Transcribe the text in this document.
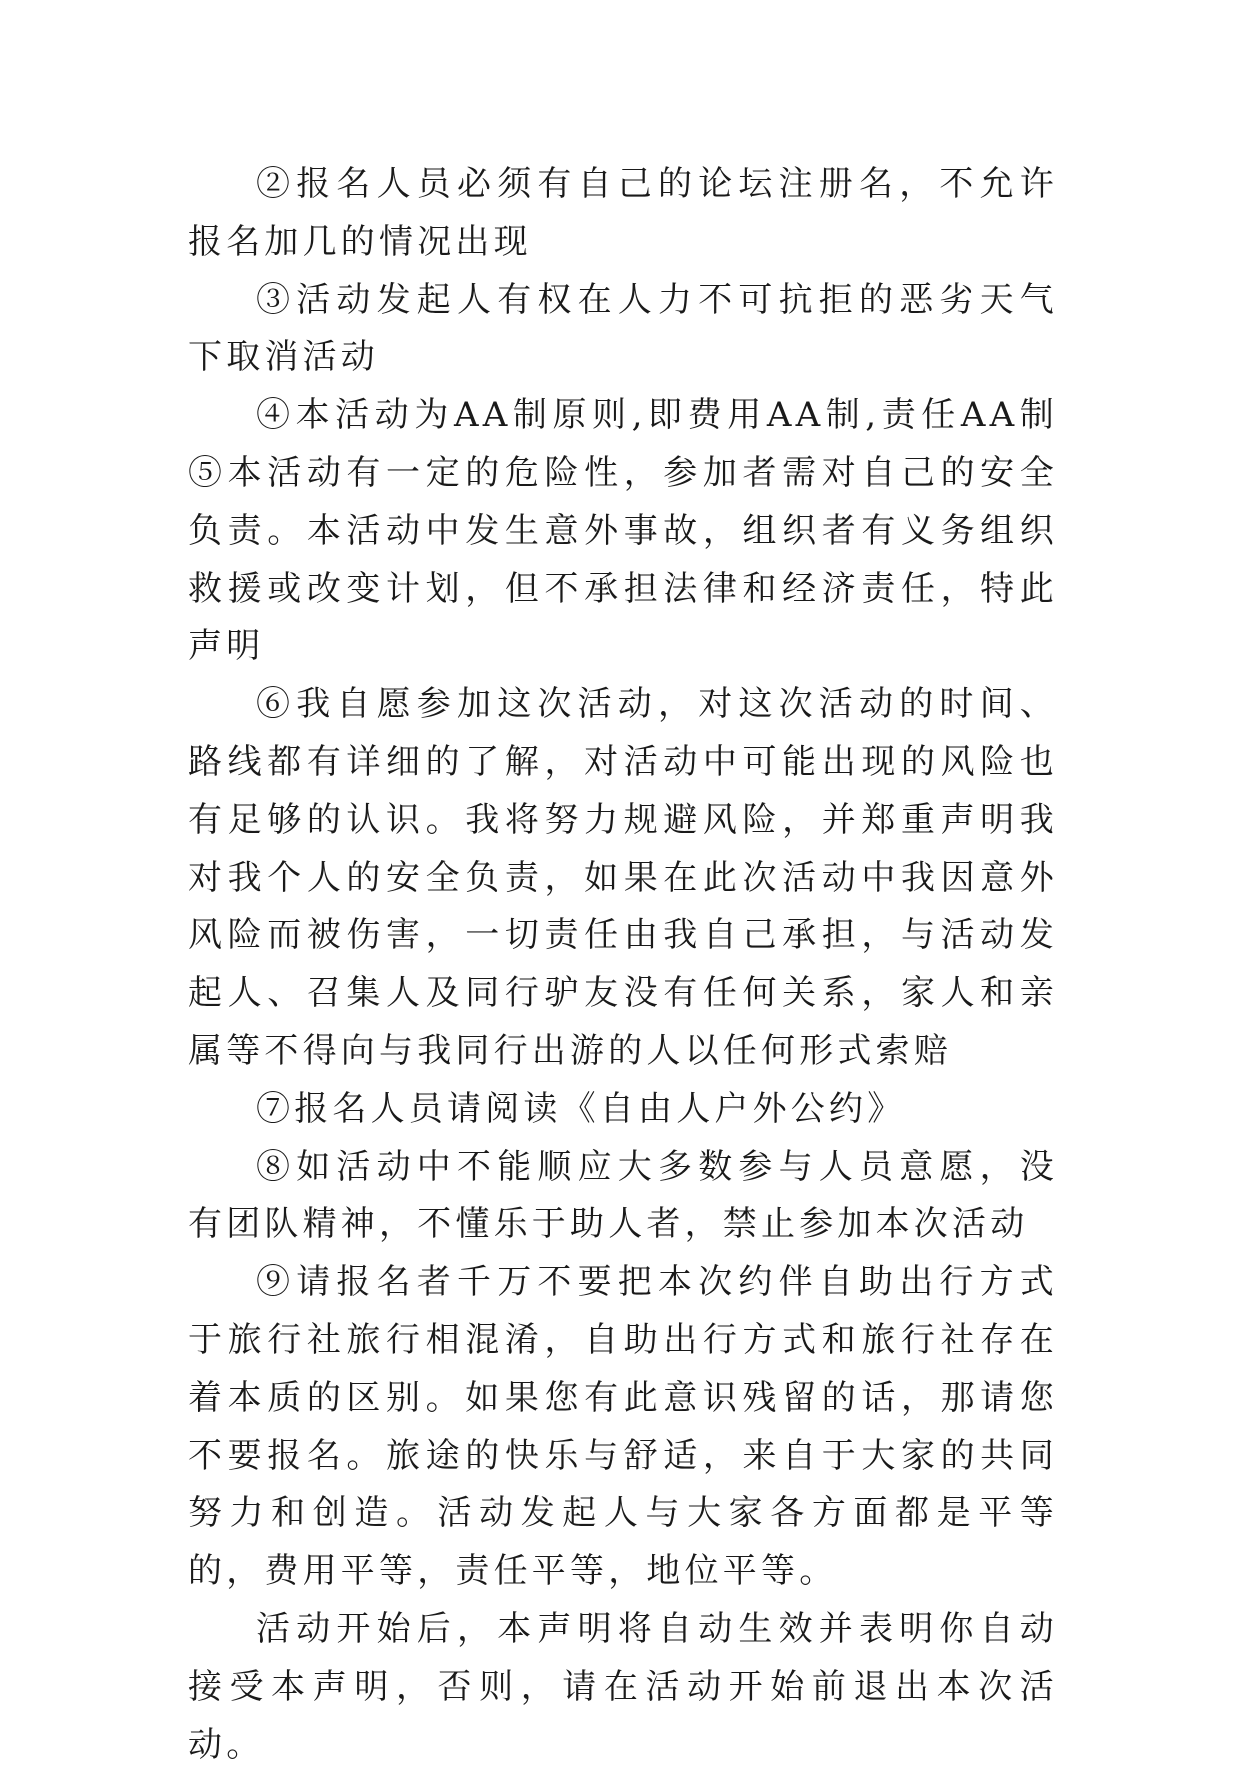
②报名人员必须有自己的论坛注册名，不允许报名加几的情况出现

③活动发起人有权在人力不可抗拒的恶劣天气下取消活动

④本活动为AA制原则,即费用AA制,责任AA制 ⑤本活动有一定的危险性，参加者需对自己的安全负责。本活动中发生意外事故，组织者有义务组织救援或改变计划，但不承担法律和经济责任，特此声明

⑥我自愿参加这次活动，对这次活动的时间、路线都有详细的了解，对活动中可能出现的风险也有足够的认识。我将努力规避风险，并郑重声明我对我个人的安全负责，如果在此次活动中我因意外风险而被伤害，一切责任由我自己承担，与活动发起人、召集人及同行驴友没有任何关系，家人和亲属等不得向与我同行出游的人以任何形式索赔

⑦报名人员请阅读《自由人户外公约》

⑧如活动中不能顺应大多数参与人员意愿，没有团队精神，不懂乐于助人者，禁止参加本次活动

⑨请报名者千万不要把本次约伴自助出行方式于旅行社旅行相混淆，自助出行方式和旅行社存在着本质的区别。如果您有此意识残留的话，那请您不要报名。旅途的快乐与舒适，来自于大家的共同努力和创造。活动发起人与大家各方面都是平等的，费用平等，责任平等，地位平等。

活动开始后，本声明将自动生效并表明你自动接受本声明，否则，请在活动开始前退出本次活动。
